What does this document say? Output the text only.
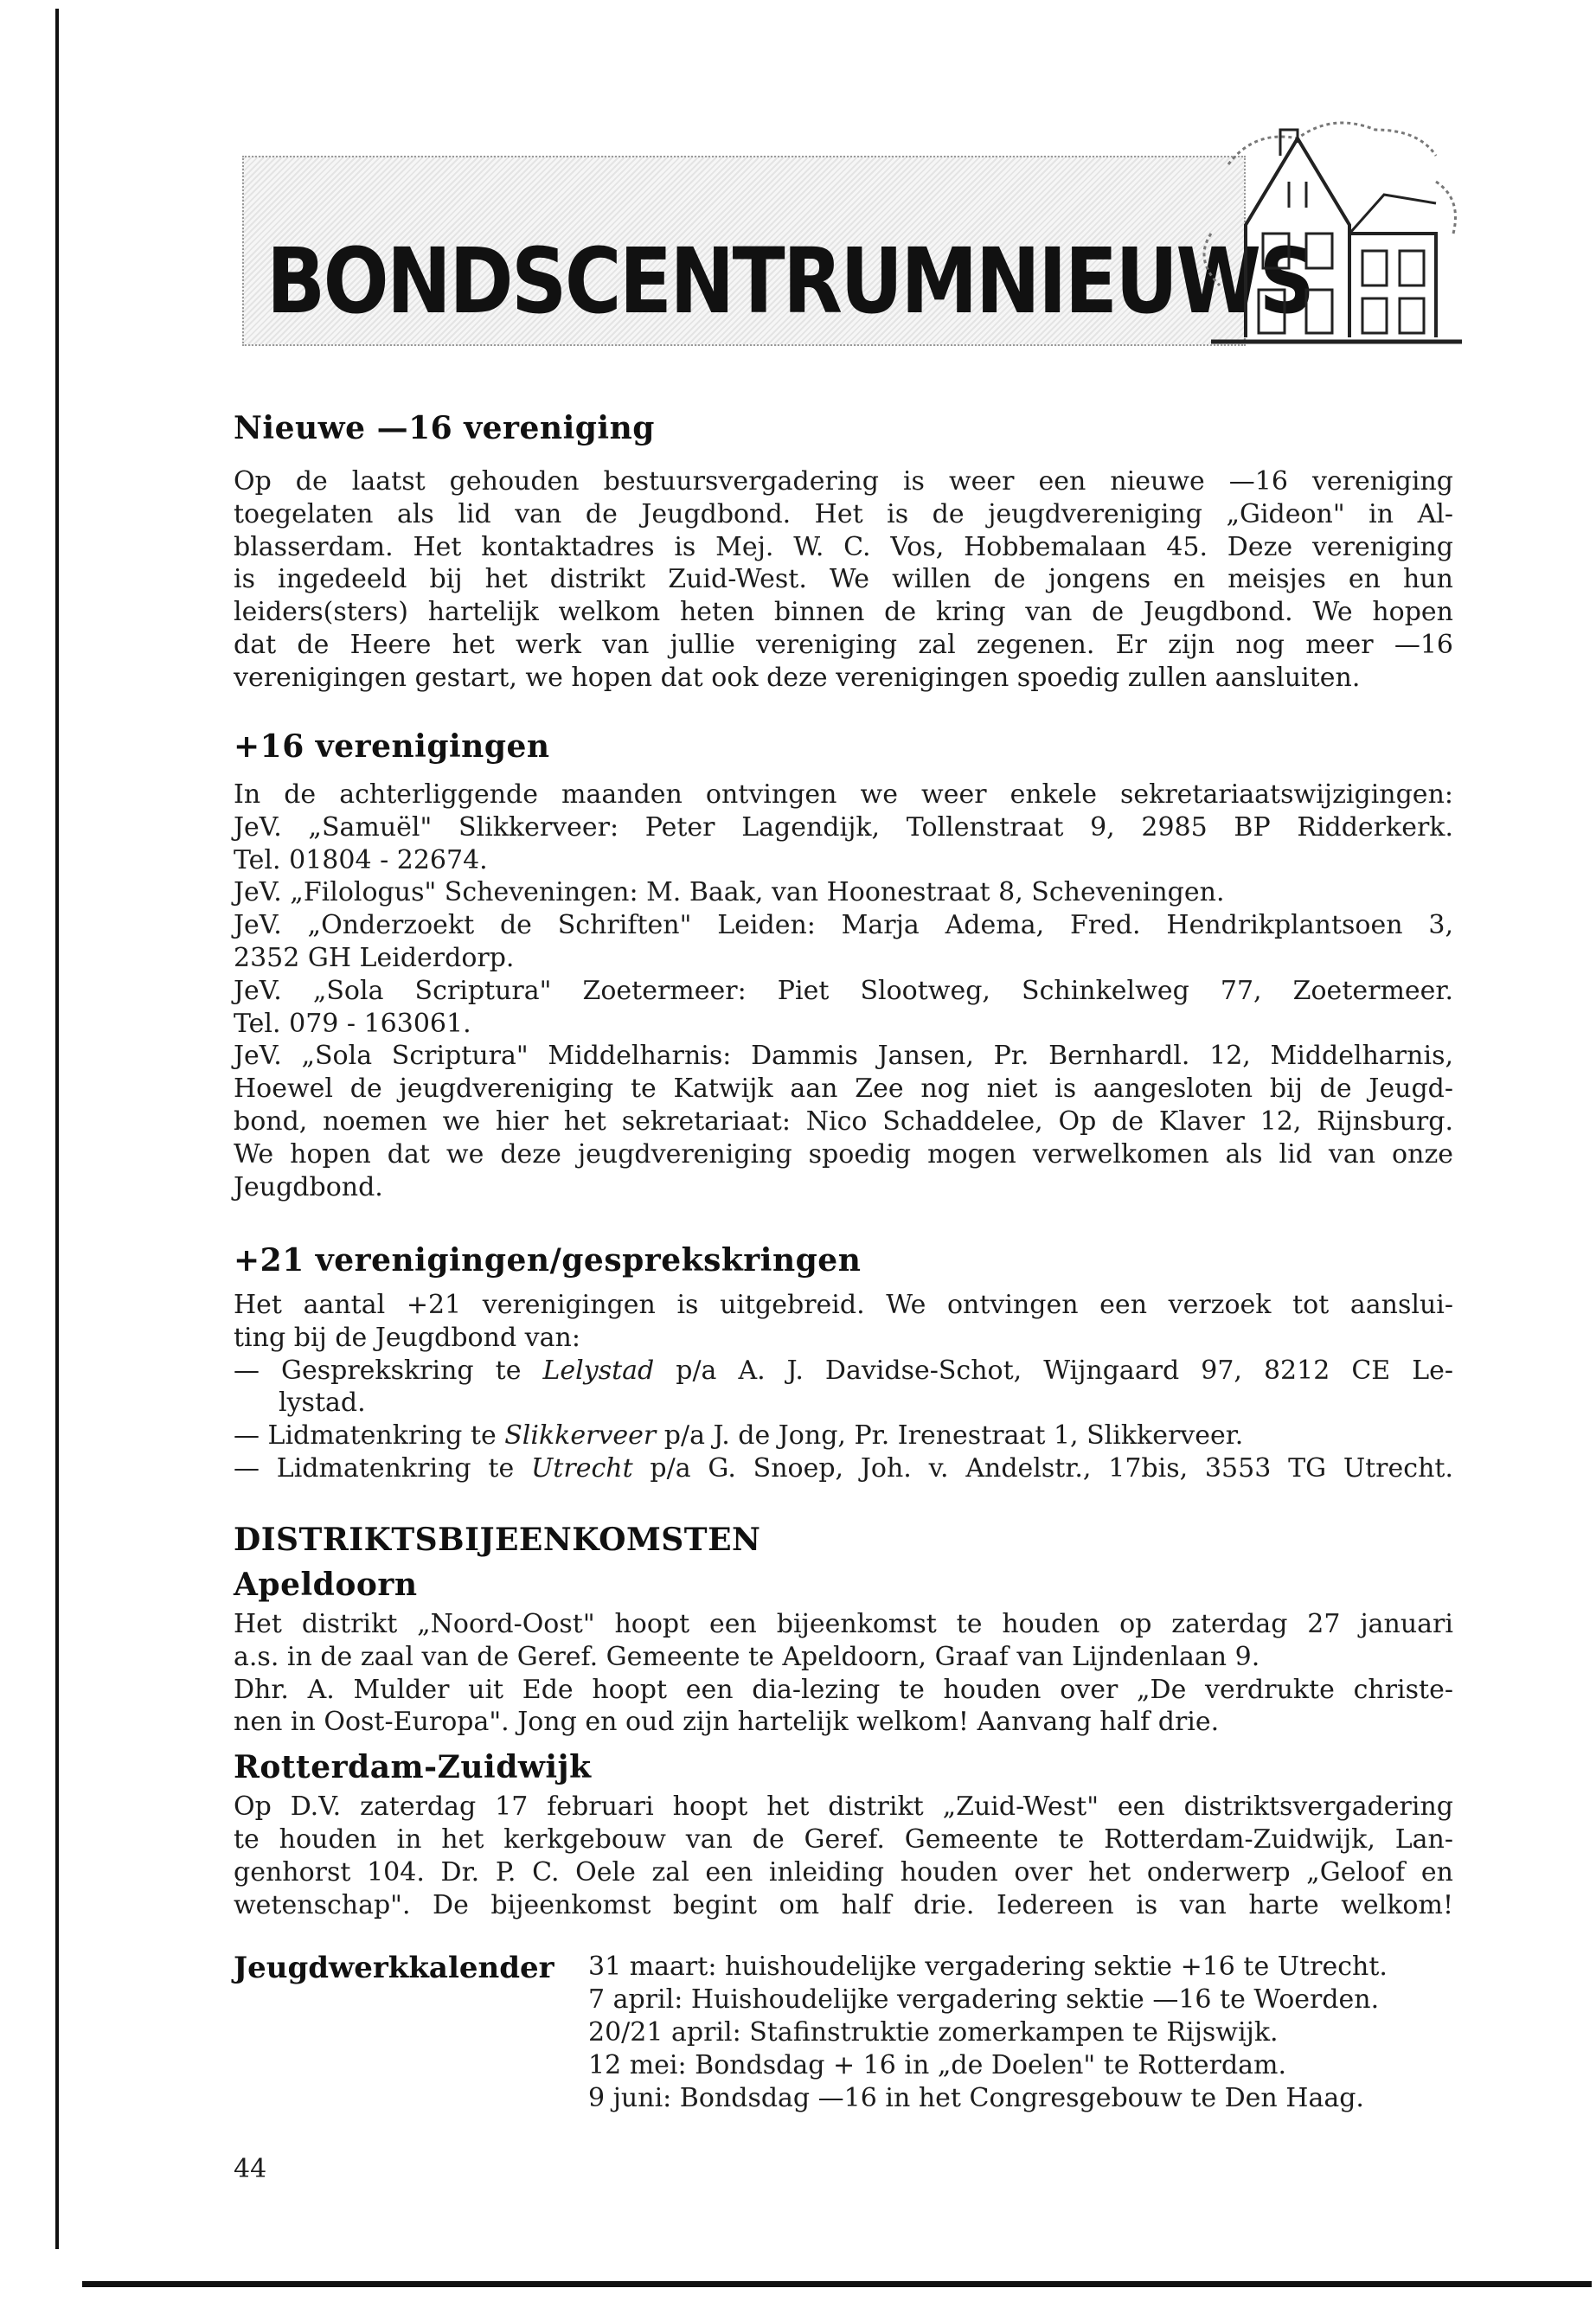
BONDSCENTRUMNIEUWS
Nieuwe —16 vereniging
Op de laatst gehouden bestuursvergadering is weer een nieuwe —16 vereniging
toegelaten als lid van de Jeugdbond. Het is de jeugdvereniging „Gideon" in Al-
blasserdam. Het kontaktadres is Mej. W. C. Vos, Hobbemalaan 45. Deze vereniging
is ingedeeld bij het distrikt Zuid-West. We willen de jongens en meisjes en hun
leiders(sters) hartelijk welkom heten binnen de kring van de Jeugdbond. We hopen
dat de Heere het werk van jullie vereniging zal zegenen. Er zijn nog meer —16
verenigingen gestart, we hopen dat ook deze verenigingen spoedig zullen aansluiten.
+16 verenigingen
In de achterliggende maanden ontvingen we weer enkele sekretariaatswijzigingen:
JeV. „Samuël" Slikkerveer: Peter Lagendijk, Tollenstraat 9, 2985 BP Ridderkerk.
Tel. 01804 - 22674.
JeV. „Filologus" Scheveningen: M. Baak, van Hoonestraat 8, Scheveningen.
JeV. „Onderzoekt de Schriften" Leiden: Marja Adema, Fred. Hendrikplantsoen 3,
2352 GH Leiderdorp.
JeV. „Sola Scriptura" Zoetermeer: Piet Slootweg, Schinkelweg 77, Zoetermeer.
Tel. 079 - 163061.
JeV. „Sola Scriptura" Middelharnis: Dammis Jansen, Pr. Bernhardl. 12, Middelharnis,
Hoewel de jeugdvereniging te Katwijk aan Zee nog niet is aangesloten bij de Jeugd-
bond, noemen we hier het sekretariaat: Nico Schaddelee, Op de Klaver 12, Rijnsburg.
We hopen dat we deze jeugdvereniging spoedig mogen verwelkomen als lid van onze
Jeugdbond.
+21 verenigingen/gesprekskringen
Het aantal +21 verenigingen is uitgebreid. We ontvingen een verzoek tot aanslui-
ting bij de Jeugdbond van:
— Gesprekskring te Lelystad p/a A. J. Davidse-Schot, Wijngaard 97, 8212 CE Le-
lystad.
— Lidmatenkring te Slikkerveer p/a J. de Jong, Pr. Irenestraat 1, Slikkerveer.
— Lidmatenkring te Utrecht p/a G. Snoep, Joh. v. Andelstr., 17bis, 3553 TG Utrecht.
DISTRIKTSBIJEENKOMSTEN
Apeldoorn
Het distrikt „Noord-Oost" hoopt een bijeenkomst te houden op zaterdag 27 januari
a.s. in de zaal van de Geref. Gemeente te Apeldoorn, Graaf van Lijndenlaan 9.
Dhr. A. Mulder uit Ede hoopt een dia-lezing te houden over „De verdrukte christe-
nen in Oost-Europa". Jong en oud zijn hartelijk welkom! Aanvang half drie.
Rotterdam-Zuidwijk
Op D.V. zaterdag 17 februari hoopt het distrikt „Zuid-West" een distriktsvergadering
te houden in het kerkgebouw van de Geref. Gemeente te Rotterdam-Zuidwijk, Lan-
genhorst 104. Dr. P. C. Oele zal een inleiding houden over het onderwerp „Geloof en
wetenschap". De bijeenkomst begint om half drie. Iedereen is van harte welkom!
Jeugdwerkkalender 31 maart: huishoudelijke vergadering sektie +16 te Utrecht.
7 april: Huishoudelijke vergadering sektie —16 te Woerden.
20/21 april: Stafinstruktie zomerkampen te Rijswijk.
12 mei: Bondsdag + 16 in „de Doelen" te Rotterdam.
9 juni: Bondsdag —16 in het Congresgebouw te Den Haag.
44
